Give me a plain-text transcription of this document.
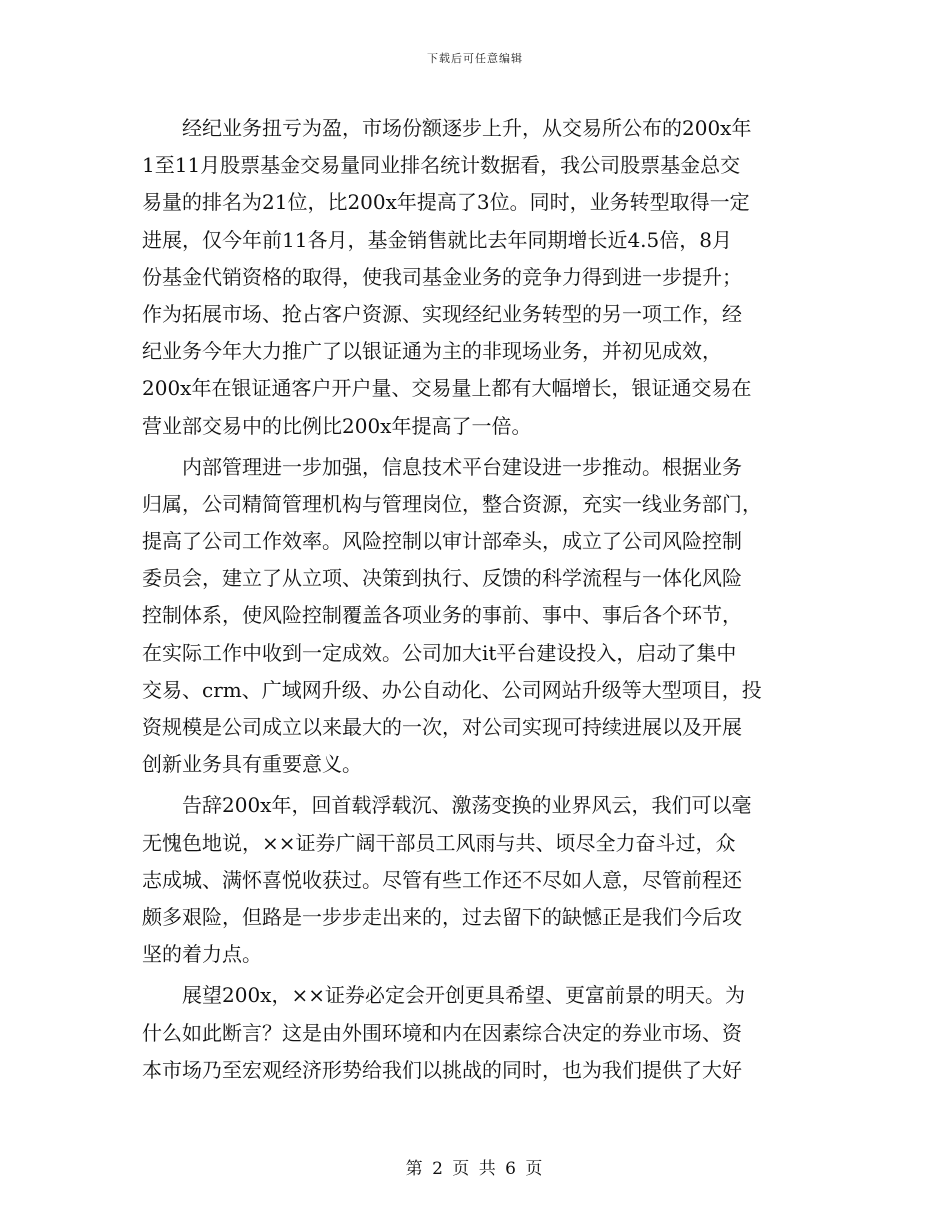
下载后可任意编辑
　　经纪业务扭亏为盈，市场份额逐步上升，从交易所公布的200x年
1至11月股票基金交易量同业排名统计数据看，我公司股票基金总交
易量的排名为21位，比200x年提高了3位。同时，业务转型取得一定
进展，仅今年前11各月，基金销售就比去年同期增长近4.5倍，8月
份基金代销资格的取得，使我司基金业务的竞争力得到进一步提升；
作为拓展市场、抢占客户资源、实现经纪业务转型的另一项工作，经
纪业务今年大力推广了以银证通为主的非现场业务，并初见成效，
200x年在银证通客户开户量、交易量上都有大幅增长，银证通交易在
营业部交易中的比例比200x年提高了一倍。
　　内部管理进一步加强，信息技术平台建设进一步推动。根据业务
归属，公司精简管理机构与管理岗位，整合资源，充实一线业务部门，
提高了公司工作效率。风险控制以审计部牵头，成立了公司风险控制
委员会，建立了从立项、决策到执行、反馈的科学流程与一体化风险
控制体系，使风险控制覆盖各项业务的事前、事中、事后各个环节，
在实际工作中收到一定成效。公司加大it平台建设投入，启动了集中
交易、crm、广域网升级、办公自动化、公司网站升级等大型项目，投
资规模是公司成立以来最大的一次，对公司实现可持续进展以及开展
创新业务具有重要意义。
　　告辞200x年，回首载浮载沉、激荡变换的业界风云，我们可以毫
无愧色地说，××证券广阔干部员工风雨与共、顷尽全力奋斗过，众
志成城、满怀喜悦收获过。尽管有些工作还不尽如人意，尽管前程还
颇多艰险，但路是一步步走出来的，过去留下的缺憾正是我们今后攻
坚的着力点。
　　展望200x，××证券必定会开创更具希望、更富前景的明天。为
什么如此断言？这是由外围环境和内在因素综合决定的券业市场、资
本市场乃至宏观经济形势给我们以挑战的同时，也为我们提供了大好
第 2 页 共 6 页
